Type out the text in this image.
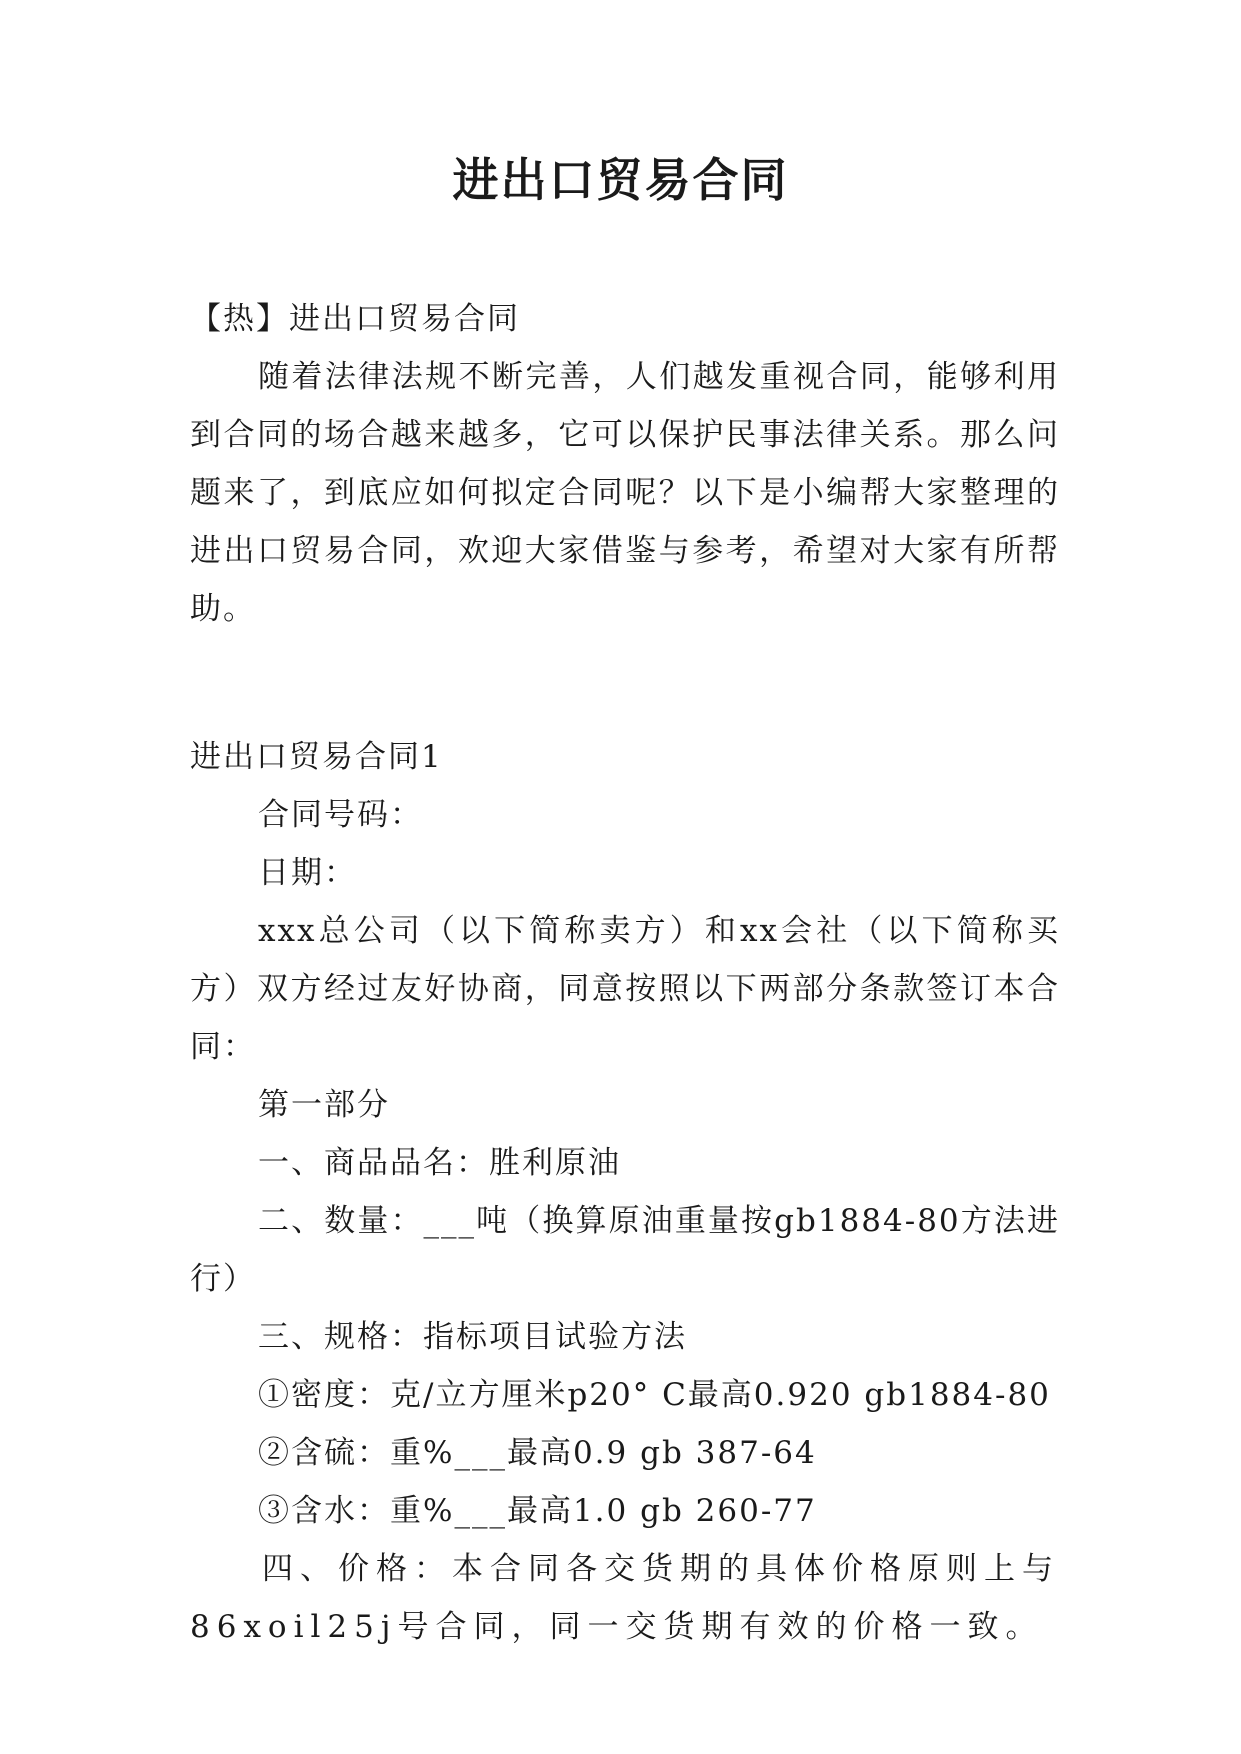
进出口贸易合同

【热】进出口贸易合同

随着法律法规不断完善，人们越发重视合同，能够利用到合同的场合越来越多，它可以保护民事法律关系。那么问题来了，到底应如何拟定合同呢？以下是小编帮大家整理的进出口贸易合同，欢迎大家借鉴与参考，希望对大家有所帮助。

进出口贸易合同1

合同号码：

日期：

xxx总公司（以下简称卖方）和xx会社（以下简称买方）双方经过友好协商，同意按照以下两部分条款签订本合同：

第一部分

一、商品品名：胜利原油

二、数量：___吨（换算原油重量按gb1884-80方法进行）

三、规格：指标项目试验方法

①密度：克/立方厘米p20° C最高0.920 gb1884-80

②含硫：重%___最高0.9 gb 387-64

③含水：重%___最高1.0 gb 260-77

四、价格：本合同各交货期的具体价格原则上与86xoil25j号合同，同一交货期有效的价格一致。
